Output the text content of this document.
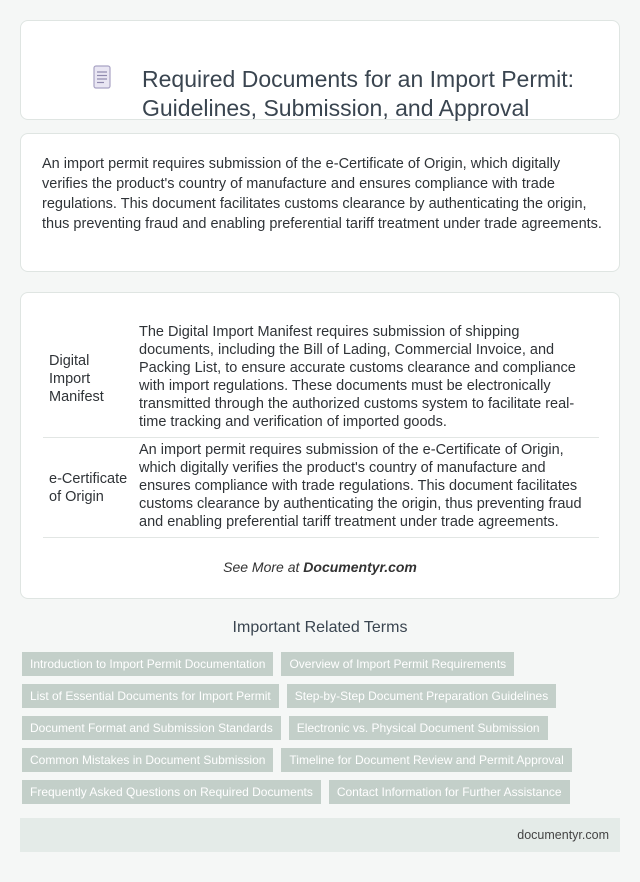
Required Documents for an Import Permit: Guidelines, Submission, and Approval

An import permit requires submission of the e-Certificate of Origin, which digitally verifies the product's country of manufacture and ensures compliance with trade regulations. This document facilitates customs clearance by authenticating the origin, thus preventing fraud and enabling preferential tariff treatment under trade agreements.

Digital Import Manifest	The Digital Import Manifest requires submission of shipping documents, including the Bill of Lading, Commercial Invoice, and Packing List, to ensure accurate customs clearance and compliance with import regulations. These documents must be electronically transmitted through the authorized customs system to facilitate real-time tracking and verification of imported goods.
e-Certificate of Origin	An import permit requires submission of the e-Certificate of Origin, which digitally verifies the product's country of manufacture and ensures compliance with trade regulations. This document facilitates customs clearance by authenticating the origin, thus preventing fraud and enabling preferential tariff treatment under trade agreements.
See More at Documentyr.com
Important Related Terms
Introduction to Import Permit Documentation	Overview of Import Permit Requirements
List of Essential Documents for Import Permit	Step-by-Step Document Preparation Guidelines
Document Format and Submission Standards	Electronic vs. Physical Document Submission
Common Mistakes in Document Submission	Timeline for Document Review and Permit Approval
Frequently Asked Questions on Required Documents	Contact Information for Further Assistance
documentyr.com
